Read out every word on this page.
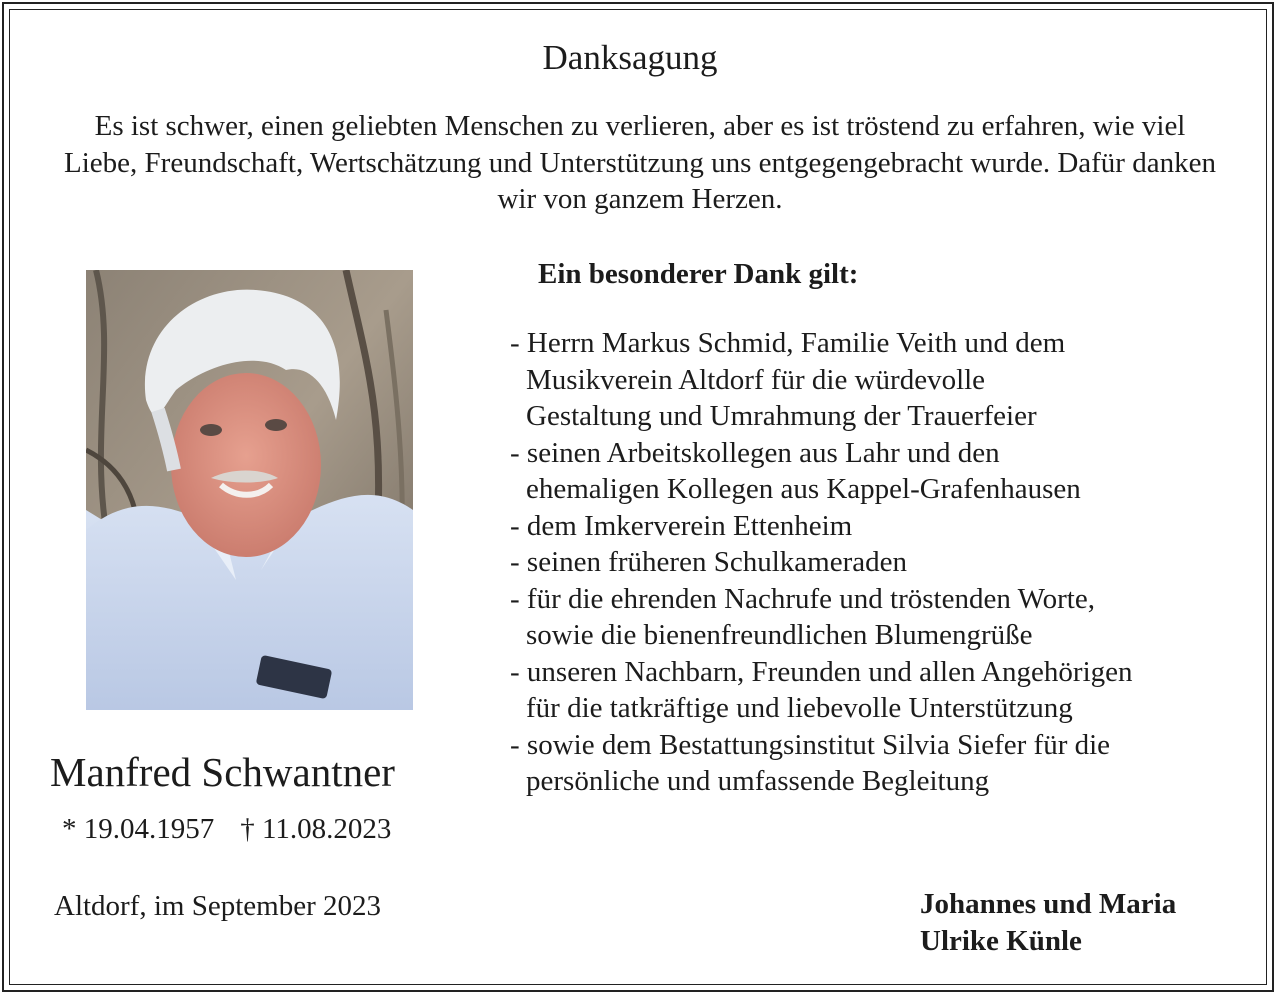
Danksagung
Es ist schwer, einen geliebten Menschen zu verlieren, aber es ist tröstend zu erfahren, wie viel Liebe, Freundschaft, Wertschätzung und Unterstützung uns entgegengebracht wurde. Dafür danken wir von ganzem Herzen.
Manfred Schwantner
* 19.04.1957 † 11.08.2023
Altdorf, im September 2023
Ein besonderer Dank gilt:
- Herrn Markus Schmid, Familie Veith und dem
Musikverein Altdorf für die würdevolle
Gestaltung und Umrahmung der Trauerfeier
- seinen Arbeitskollegen aus Lahr und den
ehemaligen Kollegen aus Kappel-Grafenhausen
- dem Imkerverein Ettenheim
- seinen früheren Schulkameraden
- für die ehrenden Nachrufe und tröstenden Worte,
sowie die bienenfreundlichen Blumengrüße
- unseren Nachbarn, Freunden und allen Angehörigen
für die tatkräftige und liebevolle Unterstützung
- sowie dem Bestattungsinstitut Silvia Siefer für die
persönliche und umfassende Begleitung
Johannes und Maria
Ulrike Künle
